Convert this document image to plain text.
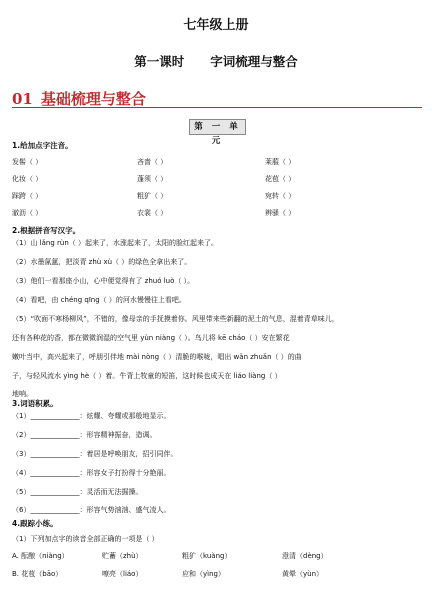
七年级上册
第一课时 字词梳理与整合
01 基础梳理与整合
第 一 单 元
1.给加点字注音。
发髻（ ）	吝啬（ ）	莱菔（ ）
化妆（ ）	蓬须（ ）	花苞（ ）
踩跨（ ）	粗犷（ ）	宛转（ ）
澈沥（ ）	衣裳（ ）	辨骚（ ）
2.根据拼音写汉字。
（1）山 lǎng rùn（ ）起来了，水涨起来了，太阳的脸红起来了。
（2）水墨氤氲，把淡青 zhù xù（ ）的绿色全拿出来了。
（3）他们一看那座小山，心中便觉得有了 zhuó luò（ ）。
（4）看吧，由 chéng qīng（ ）的河水慢慢往上看吧。
（5）“吹面不寒杨柳风”，不错的，像母亲的手抚摸着你。风里带来些新翻的泥土的气息，混着青草味儿，
还有各种花的香，都在微微润湿的空气里 yùn niàng（ ）。鸟儿将 kē cháo（ ）安在繁花
嫩叶当中，高兴起来了，呼朋引伴地 mài nòng（ ）清脆的喉咙，唱出 wǎn zhuǎn（ ）的曲
子，与轻风流水 yìng hè（ ）着。牛背上牧童的短笛，这时候也成天在 liáo liàng（ ）
地响。
3.词语积累。
（1）______________：炫耀、夸耀或那般地显示。
（2）______________：形容精神振奋，造调。
（3）______________：着居是呼唤朋友，招引同伴。
（4）______________：形容女子打扮得十分艳丽。
（5）______________：灵活而无法掘操。
（6）______________：形容气势汹汹、盛气凌人。
4.跟踪小练。
（1）下列加点字的读音全部正确的一项是（ ）
A. 酝酿（niàng）	贮蓄（zhù）	粗犷（kuàng）	澄清（dèng）
B. 花苞（bāo）	嘹亮（liáo）	应和（yìng）	黄晕（yùn）
